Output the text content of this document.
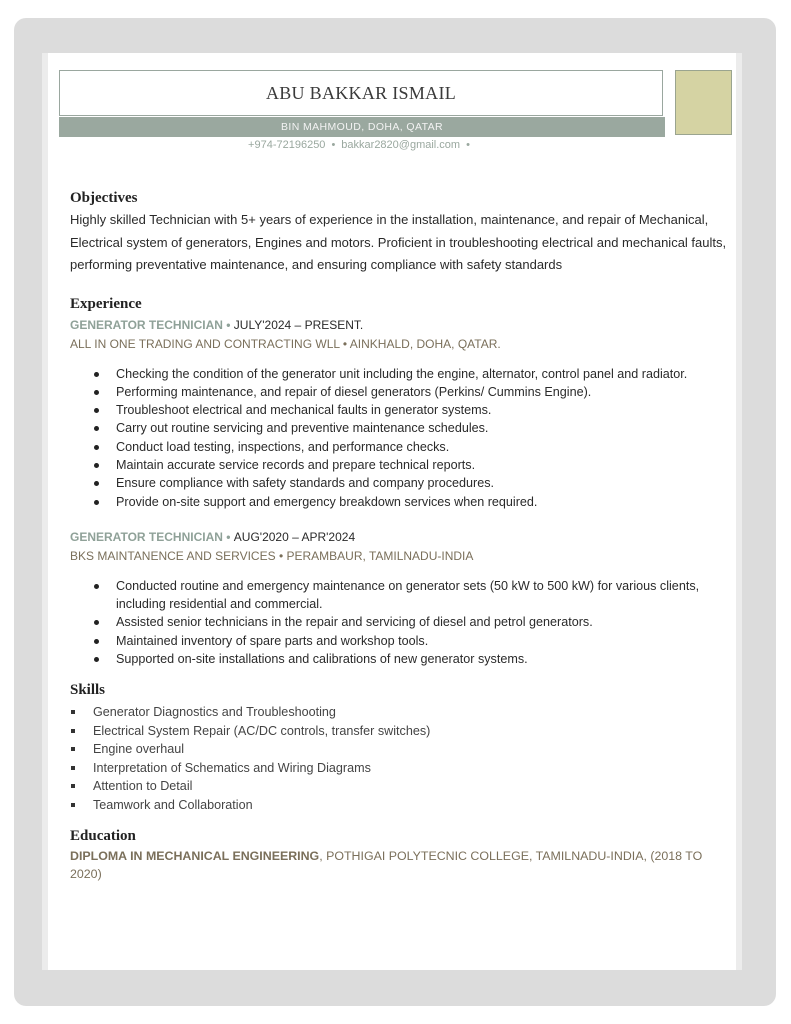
ABU BAKKAR ISMAIL
BIN MAHMOUD, DOHA, QATAR
+974-72196250 • bakkar2820@gmail.com •
Objectives

Highly skilled Technician with 5+ years of experience in the installation, maintenance, and repair of Mechanical, Electrical system of generators, Engines and motors. Proficient in troubleshooting electrical and mechanical faults, performing preventative maintenance, and ensuring compliance with safety standards

Experience

GENERATOR TECHNICIAN • JULY'2024 – PRESENT.

ALL IN ONE TRADING AND CONTRACTING WLL • AINKHALD, DOHA, QATAR.

Checking the condition of the generator unit including the engine, alternator, control panel and radiator.
Performing maintenance, and repair of diesel generators (Perkins/ Cummins Engine).
Troubleshoot electrical and mechanical faults in generator systems.
Carry out routine servicing and preventive maintenance schedules.
Conduct load testing, inspections, and performance checks.
Maintain accurate service records and prepare technical reports.
Ensure compliance with safety standards and company procedures.
Provide on-site support and emergency breakdown services when required.

GENERATOR TECHNICIAN • AUG'2020 – APR'2024

BKS MAINTANENCE AND SERVICES • PERAMBAUR, TAMILNADU-INDIA

Conducted routine and emergency maintenance on generator sets (50 kW to 500 kW) for various clients, including residential and commercial.
Assisted senior technicians in the repair and servicing of diesel and petrol generators.
Maintained inventory of spare parts and workshop tools.
Supported on-site installations and calibrations of new generator systems.
Skills
Generator Diagnostics and Troubleshooting
Electrical System Repair (AC/DC controls, transfer switches)
Engine overhaul
Interpretation of Schematics and Wiring Diagrams
Attention to Detail
Teamwork and Collaboration
Education

DIPLOMA IN MECHANICAL ENGINEERING, POTHIGAI POLYTECNIC COLLEGE, TAMILNADU-INDIA, (2018 TO 2020)
